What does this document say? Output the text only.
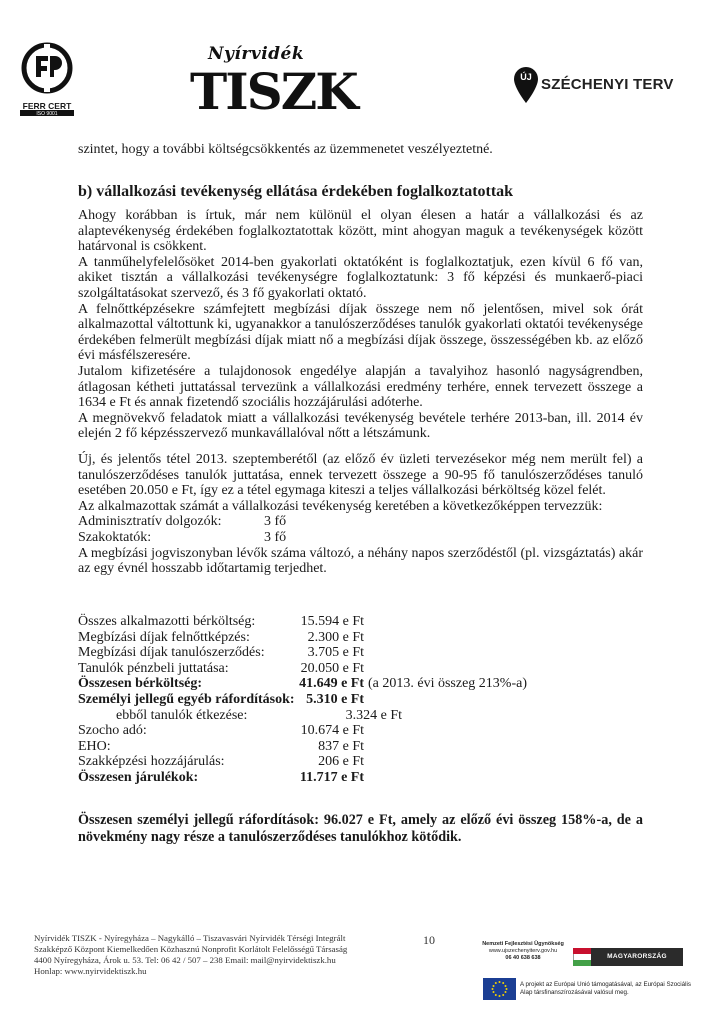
FERR CERT
ISO 9001
Nyírvidék
TISZK	ÚJ SZÉCHENYI TERV
szintet, hogy a további költségcsökkentés az üzemmenetet veszélyeztetné.
b) vállalkozási tevékenység ellátása érdekében foglalkoztatottak

Ahogy korábban is írtuk, már nem különül el olyan élesen a határ a vállalkozási és az alaptevékenység érdekében foglalkoztatottak között, mint ahogyan maguk a tevékenységek között határvonal is csökkent.

A tanműhelyfelelősöket 2014-ben gyakorlati oktatóként is foglalkoztatjuk, ezen kívül 6 fő van, akiket tisztán a vállalkozási tevékenységre foglalkoztatunk: 3 fő képzési és munkaerő-piaci szolgáltatásokat szervező, és 3 fő gyakorlati oktató.

A felnőttképzésekre számfejtett megbízási díjak összege nem nő jelentősen, mivel sok órát alkalmazottal váltottunk ki, ugyanakkor a tanulószerződéses tanulók gyakorlati oktatói tevékenysége érdekében felmerült megbízási díjak miatt nő a megbízási díjak összege, összességében kb. az előző évi másfélszeresére.

Jutalom kifizetésére a tulajdonosok engedélye alapján a tavalyihoz hasonló nagyságrendben, átlagosan kétheti juttatással tervezünk a vállalkozási eredmény terhére, ennek tervezett összege a 1634 e Ft és annak fizetendő szociális hozzájárulási adóterhe.

A megnövekvő feladatok miatt a vállalkozási tevékenység bevétele terhére 2013-ban, ill. 2014 év elején 2 fő képzésszervező munkavállalóval nőtt a létszámunk.

Új, és jelentős tétel 2013. szeptemberétől (az előző év üzleti tervezésekor még nem merült fel) a tanulószerződéses tanulók juttatása, ennek tervezett összege a 90-95 fő tanulószerződéses tanuló esetében 20.050 e Ft, így ez a tétel egymaga kiteszi a teljes vállalkozási bérköltség közel felét.

Az alkalmazottak számát a vállalkozási tevékenység keretében a következőképpen tervezzük:

Adminisztratív dolgozók:	3 fő
Szakoktatók:	3 fő

A megbízási jogviszonyban lévők száma változó, a néhány napos szerződéstől (pl. vizsgáztatás) akár az egy évnél hosszabb időtartamig terjedhet.

Összes alkalmazotti bérköltség:	15.594 e Ft
Megbízási díjak felnőttképzés:	2.300 e Ft
Megbízási díjak tanulószerződés:	3.705 e Ft
Tanulók pénzbeli juttatása:	20.050 e Ft
Összesen bérköltség:	41.649 e Ft (a 2013. évi összeg 213%-a)
Személyi jellegű egyéb ráfordítások: 5.310 e Ft
ebből tanulók étkezése:	3.324 e Ft
Szocho adó:	10.674 e Ft
EHO:	837 e Ft
Szakképzési hozzájárulás:	206 e Ft
Összesen járulékok:	11.717 e Ft
Összesen személyi jellegű ráfordítások: 96.027 e Ft, amely az előző évi összeg 158%-a, de a növekmény nagy része a tanulószerződéses tanulókhoz kötődik.
Nyírvidék TISZK - Nyíregyháza – Nagykálló – Tiszavasvári Nyírvidék Térségi Integrált
Szakképző Központ Kiemelkedően Közhasznú Nonprofit Korlátolt Felelősségű Társaság
4400 Nyíregyháza, Árok u. 53. Tel: 06 42 / 507 – 238 Email: mail@nyirvidektiszk.hu
Honlap: www.nyirvidektiszk.hu
10	Nemzeti Fejlesztési Ügynökség
www.ujszechenyiterv.gov.hu
06 40 638 638	MAGYARORSZÁG MEGÚJUL
A projekt az Európai Unió támogatásával, az Európai Szociális Alap társfinanszírozásával valósul meg.
